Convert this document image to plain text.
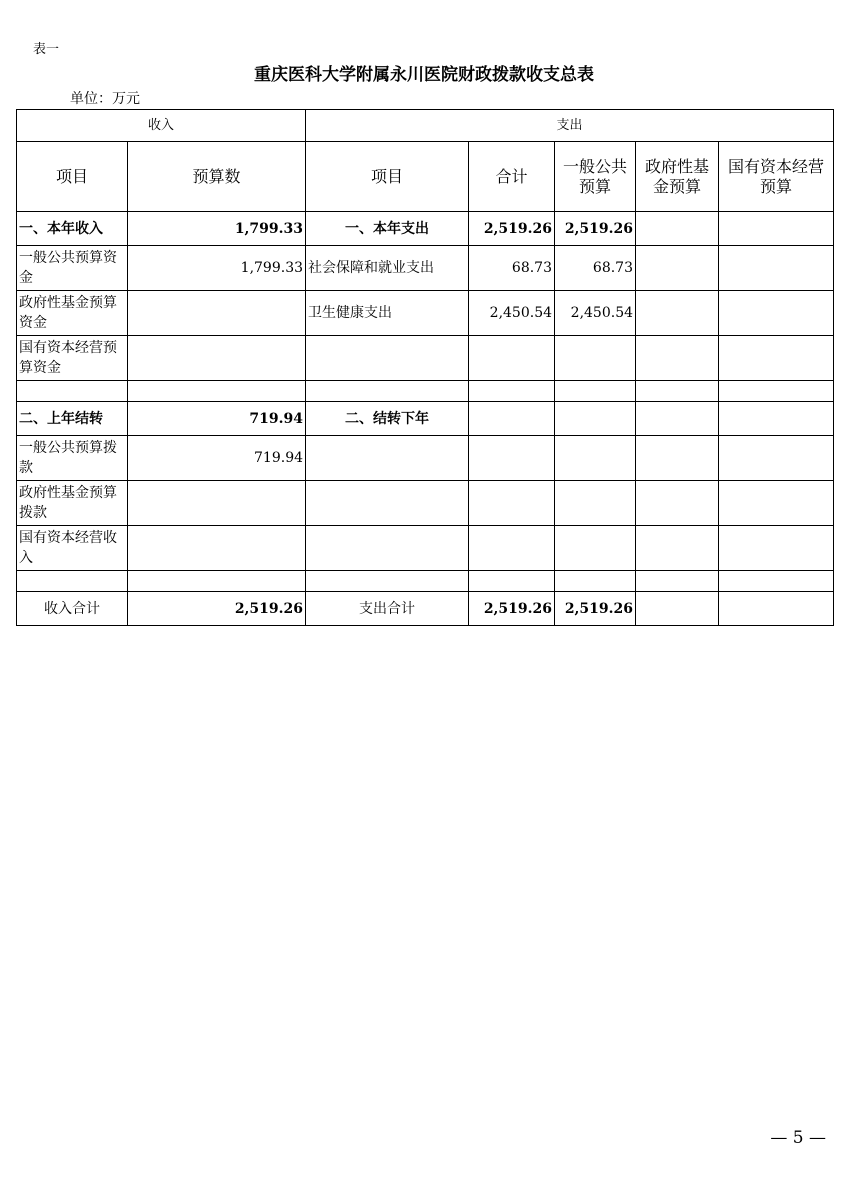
表一
重庆医科大学附属永川医院财政拨款收支总表
单位：万元
收入		支出				
项目	预算数	项目	合计	一般公共预算	政府性基金预算	国有资本经营预算
一、本年收入	1,799.33	一、本年支出	2,519.26	2,519.26		
一般公共预算资金	1,799.33	社会保障和就业支出	68.73	68.73		
政府性基金预算资金		卫生健康支出	2,450.54	2,450.54		
国有资本经营预算资金						

二、上年结转	719.94	二、结转下年				
一般公共预算拨款	719.94					
政府性基金预算拨款						
国有资本经营收入						

收入合计	2,519.26	支出合计	2,519.26	2,519.26		
— 5 —
